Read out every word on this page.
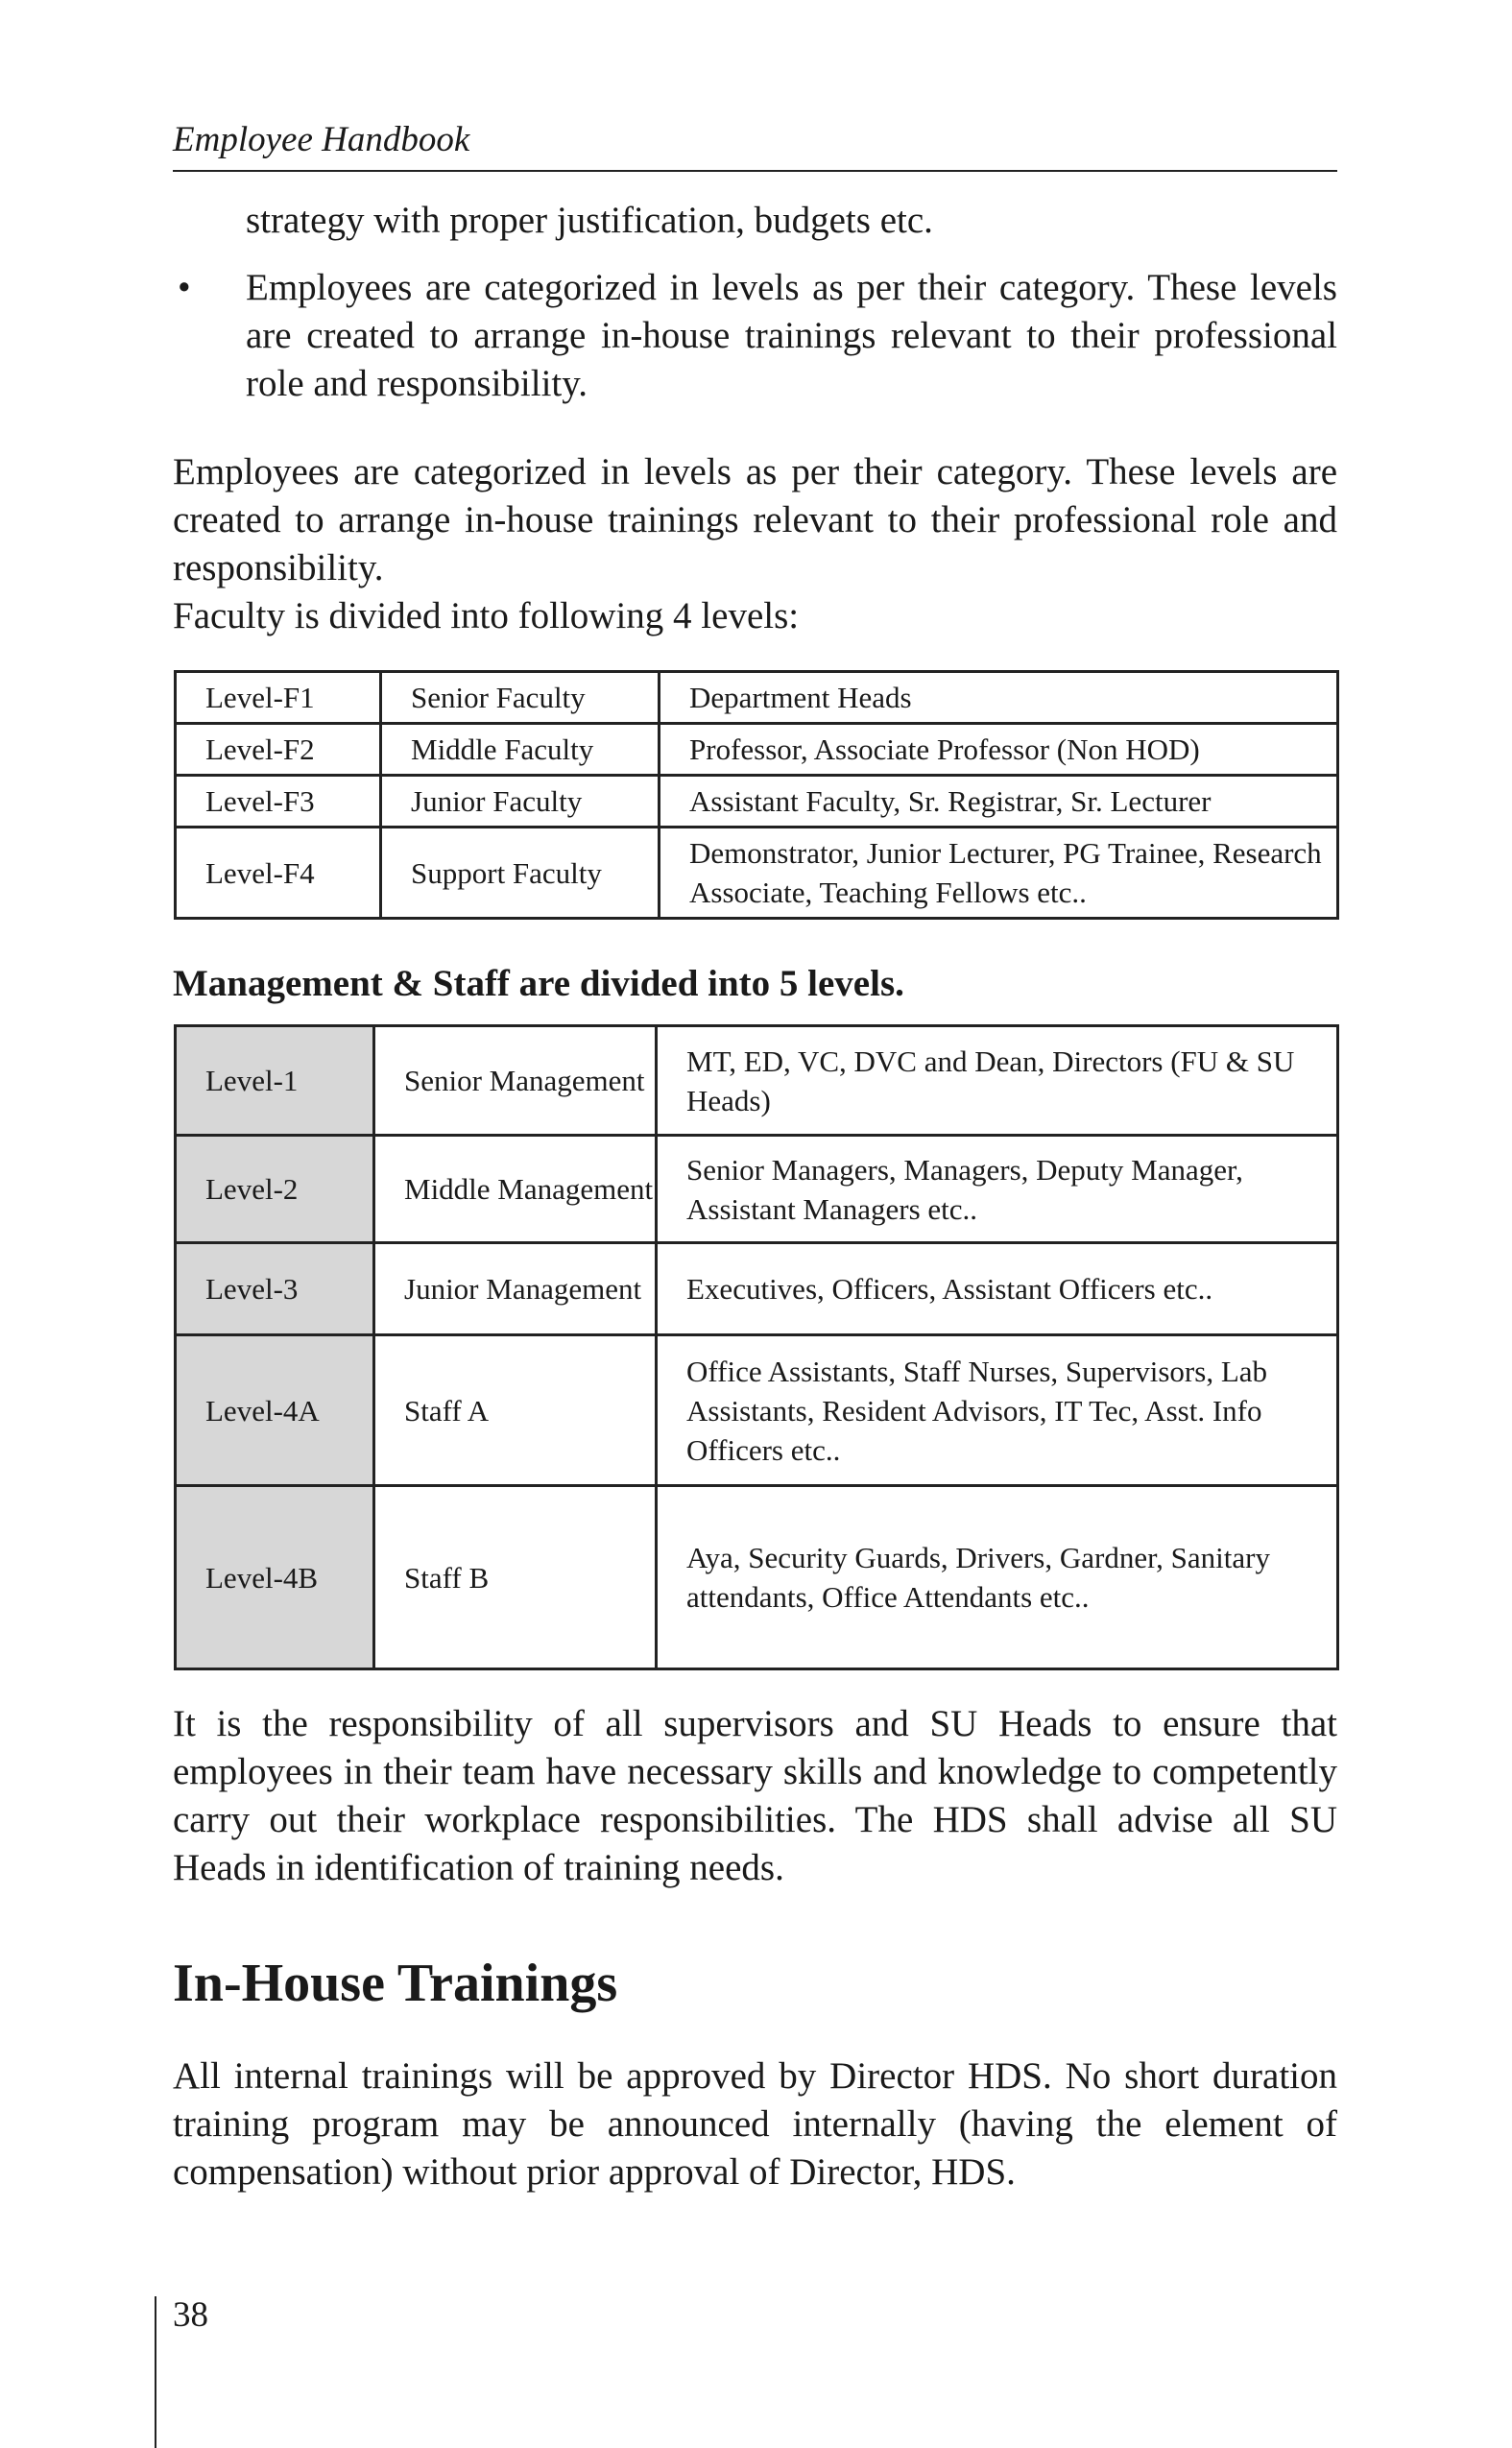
Employee Handbook
strategy with proper justification, budgets etc.
• Employees are categorized in levels as per their category. These levels are created to arrange in-house trainings relevant to their professional role and responsibility.
Employees are categorized in levels as per their category. These levels are created to arrange in-house trainings relevant to their professional role and responsibility.
Faculty is divided into following 4 levels:
Level-F1	Senior Faculty	Department Heads
Level-F2	Middle Faculty	Professor, Associate Professor (Non HOD)
Level-F3	Junior Faculty	Assistant Faculty, Sr. Registrar, Sr. Lecturer
Level-F4	Support Faculty	Demonstrator, Junior Lecturer, PG Trainee, Research Associate, Teaching Fellows etc..
Management & Staff are divided into 5 levels.
Level-1	Senior Management	MT, ED, VC, DVC and Dean, Directors (FU & SU Heads)
Level-2	Middle Management	Senior Managers, Managers, Deputy Manager, Assistant Managers etc..
Level-3	Junior Management	Executives, Officers, Assistant Officers etc..
Level-4A	Staff A	Office Assistants, Staff Nurses, Supervisors, Lab Assistants, Resident Advisors, IT Tec, Asst. Info Officers etc..
Level-4B	Staff B	Aya, Security Guards, Drivers, Gardner, Sanitary attendants, Office Attendants etc..
It is the responsibility of all supervisors and SU Heads to ensure that employees in their team have necessary skills and knowledge to competently carry out their workplace responsibilities. The HDS shall advise all SU Heads in identification of training needs.
In-House Trainings
All internal trainings will be approved by Director HDS. No short duration training program may be announced internally (having the element of compensation) without prior approval of Director, HDS.
38
